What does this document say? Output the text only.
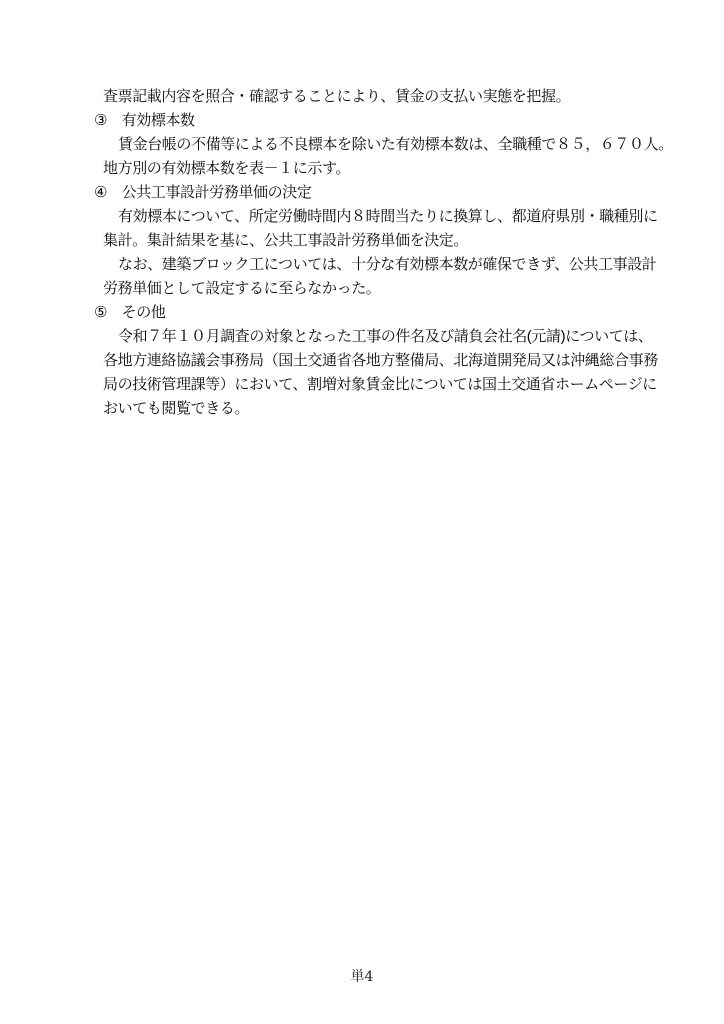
査票記載内容を照合・確認することにより、賃金の支払い実態を把握。
③　有効標本数
賃金台帳の不備等による不良標本を除いた有効標本数は、全職種で８５，６７０人。
地方別の有効標本数を表－１に示す。
④　公共工事設計労務単価の決定
有効標本について、所定労働時間内８時間当たりに換算し、都道府県別・職種別に
集計。集計結果を基に、公共工事設計労務単価を決定。
なお、建築ブロック工については、十分な有効標本数が確保できず、公共工事設計
労務単価として設定するに至らなかった。
⑤　その他
令和７年１０月調査の対象となった工事の件名及び請負会社名(元請)については、
各地方連絡協議会事務局（国土交通省各地方整備局、北海道開発局又は沖縄総合事務
局の技術管理課等）において、割増対象賃金比については国土交通省ホームページに
おいても閲覧できる。
単4
